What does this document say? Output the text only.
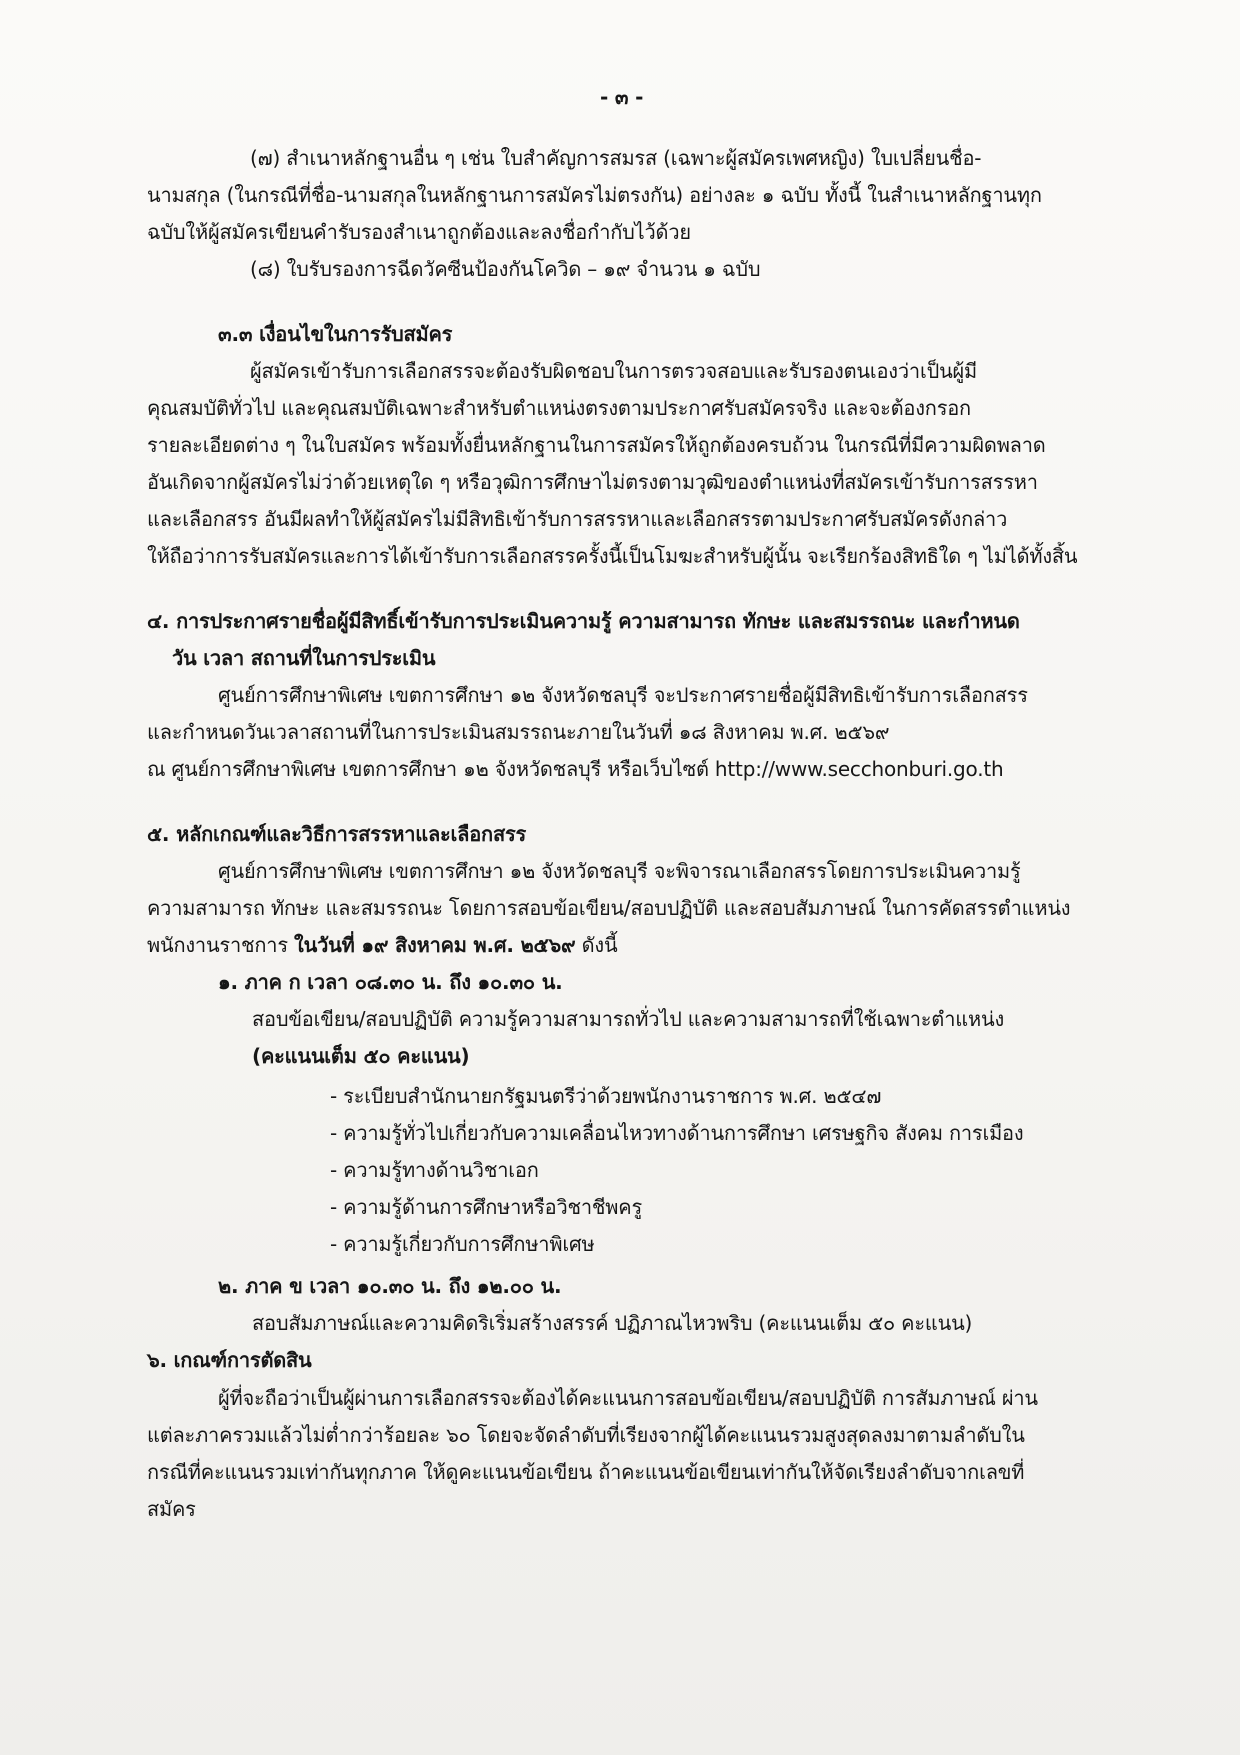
- ๓ -
(๗) สำเนาหลักฐานอื่น ๆ เช่น ใบสำคัญการสมรส (เฉพาะผู้สมัครเพศหญิง) ใบเปลี่ยนชื่อ-
นามสกุล (ในกรณีที่ชื่อ-นามสกุลในหลักฐานการสมัครไม่ตรงกัน) อย่างละ ๑ ฉบับ ทั้งนี้ ในสำเนาหลักฐานทุก
ฉบับให้ผู้สมัครเขียนคำรับรองสำเนาถูกต้องและลงชื่อกำกับไว้ด้วย
(๘) ใบรับรองการฉีดวัคซีนป้องกันโควิด – ๑๙ จำนวน ๑ ฉบับ
๓.๓ เงื่อนไขในการรับสมัคร
ผู้สมัครเข้ารับการเลือกสรรจะต้องรับผิดชอบในการตรวจสอบและรับรองตนเองว่าเป็นผู้มี
คุณสมบัติทั่วไป และคุณสมบัติเฉพาะสำหรับตำแหน่งตรงตามประกาศรับสมัครจริง และจะต้องกรอก
รายละเอียดต่าง ๆ ในใบสมัคร พร้อมทั้งยื่นหลักฐานในการสมัครให้ถูกต้องครบถ้วน ในกรณีที่มีความผิดพลาด
อันเกิดจากผู้สมัครไม่ว่าด้วยเหตุใด ๆ หรือวุฒิการศึกษาไม่ตรงตามวุฒิของตำแหน่งที่สมัครเข้ารับการสรรหา
และเลือกสรร อันมีผลทำให้ผู้สมัครไม่มีสิทธิเข้ารับการสรรหาและเลือกสรรตามประกาศรับสมัครดังกล่าว
ให้ถือว่าการรับสมัครและการได้เข้ารับการเลือกสรรครั้งนี้เป็นโมฆะสำหรับผู้นั้น จะเรียกร้องสิทธิใด ๆ ไม่ได้ทั้งสิ้น
๔. การประกาศรายชื่อผู้มีสิทธิ์เข้ารับการประเมินความรู้ ความสามารถ ทักษะ และสมรรถนะ และกำหนด
วัน เวลา สถานที่ในการประเมิน
ศูนย์การศึกษาพิเศษ เขตการศึกษา ๑๒ จังหวัดชลบุรี จะประกาศรายชื่อผู้มีสิทธิเข้ารับการเลือกสรร
และกำหนดวันเวลาสถานที่ในการประเมินสมรรถนะภายในวันที่ ๑๘ สิงหาคม พ.ศ. ๒๕๖๙
ณ ศูนย์การศึกษาพิเศษ เขตการศึกษา ๑๒ จังหวัดชลบุรี หรือเว็บไซต์ http://www.secchonburi.go.th
๕. หลักเกณฑ์และวิธีการสรรหาและเลือกสรร
ศูนย์การศึกษาพิเศษ เขตการศึกษา ๑๒ จังหวัดชลบุรี จะพิจารณาเลือกสรรโดยการประเมินความรู้
ความสามารถ ทักษะ และสมรรถนะ โดยการสอบข้อเขียน/สอบปฏิบัติ และสอบสัมภาษณ์ ในการคัดสรรตำแหน่ง
พนักงานราชการ ในวันที่ ๑๙ สิงหาคม พ.ศ. ๒๕๖๙ ดังนี้
๑. ภาค ก เวลา ๐๘.๓๐ น. ถึง ๑๐.๓๐ น.
สอบข้อเขียน/สอบปฏิบัติ ความรู้ความสามารถทั่วไป และความสามารถที่ใช้เฉพาะตำแหน่ง
(คะแนนเต็ม ๕๐ คะแนน)
- ระเบียบสำนักนายกรัฐมนตรีว่าด้วยพนักงานราชการ พ.ศ. ๒๕๔๗
- ความรู้ทั่วไปเกี่ยวกับความเคลื่อนไหวทางด้านการศึกษา เศรษฐกิจ สังคม การเมือง
- ความรู้ทางด้านวิชาเอก
- ความรู้ด้านการศึกษาหรือวิชาชีพครู
- ความรู้เกี่ยวกับการศึกษาพิเศษ
๒. ภาค ข เวลา ๑๐.๓๐ น. ถึง ๑๒.๐๐ น.
สอบสัมภาษณ์และความคิดริเริ่มสร้างสรรค์ ปฏิภาณไหวพริบ (คะแนนเต็ม ๕๐ คะแนน)
๖. เกณฑ์การตัดสิน
ผู้ที่จะถือว่าเป็นผู้ผ่านการเลือกสรรจะต้องได้คะแนนการสอบข้อเขียน/สอบปฏิบัติ การสัมภาษณ์ ผ่าน
แต่ละภาครวมแล้วไม่ต่ำกว่าร้อยละ ๖๐ โดยจะจัดลำดับที่เรียงจากผู้ได้คะแนนรวมสูงสุดลงมาตามลำดับใน
กรณีที่คะแนนรวมเท่ากันทุกภาค ให้ดูคะแนนข้อเขียน ถ้าคะแนนข้อเขียนเท่ากันให้จัดเรียงลำดับจากเลขที่
สมัคร
